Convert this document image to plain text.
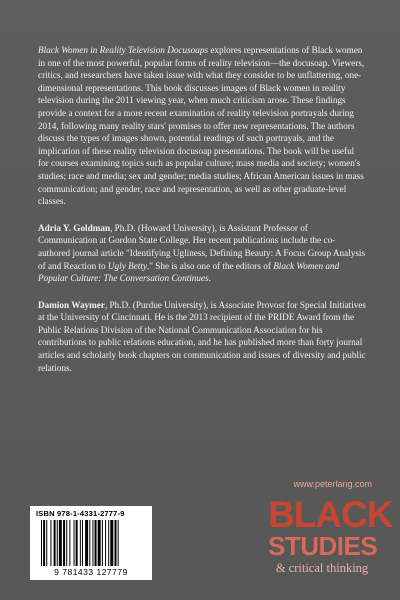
Black Women in Reality Television Docusoaps explores representations of Black women in one of the most powerful, popular forms of reality television—the docusoap. Viewers, critics, and researchers have taken issue with what they consider to be unflattering, one-dimensional representations. This book discusses images of Black women in reality television during the 2011 viewing year, when much criticism arose. These findings provide a context for a more recent examination of reality television portrayals during 2014, following many reality stars' promises to offer new representations. The authors discuss the types of images shown, potential readings of such portrayals, and the implication of these reality television docusoap presentations. The book will be useful for courses examining topics such as popular culture; mass media and society; women's studies; race and media; sex and gender; media studies; African American issues in mass communication; and gender, race and representation, as well as other graduate-level classes.

Adria Y. Goldman, Ph.D. (Howard University), is Assistant Professor of Communication at Gordon State College. Her recent publications include the co-authored journal article "Identifying Ugliness, Defining Beauty: A Focus Group Analysis of and Reaction to Ugly Betty." She is also one of the editors of Black Women and Popular Culture: The Conversation Continues.

Damion Waymer, Ph.D. (Purdue University), is Associate Provost for Special Initiatives at the University of Cincinnati. He is the 2013 recipient of the PRIDE Award from the Public Relations Division of the National Communication Association for his contributions to public relations education, and he has published more than forty journal articles and scholarly book chapters on communication and issues of diversity and public relations.

www.peterlang.com
ISBN 978-1-4331-2777-9
9 781433 127779
BLACK
STUDIES
& critical thinking
